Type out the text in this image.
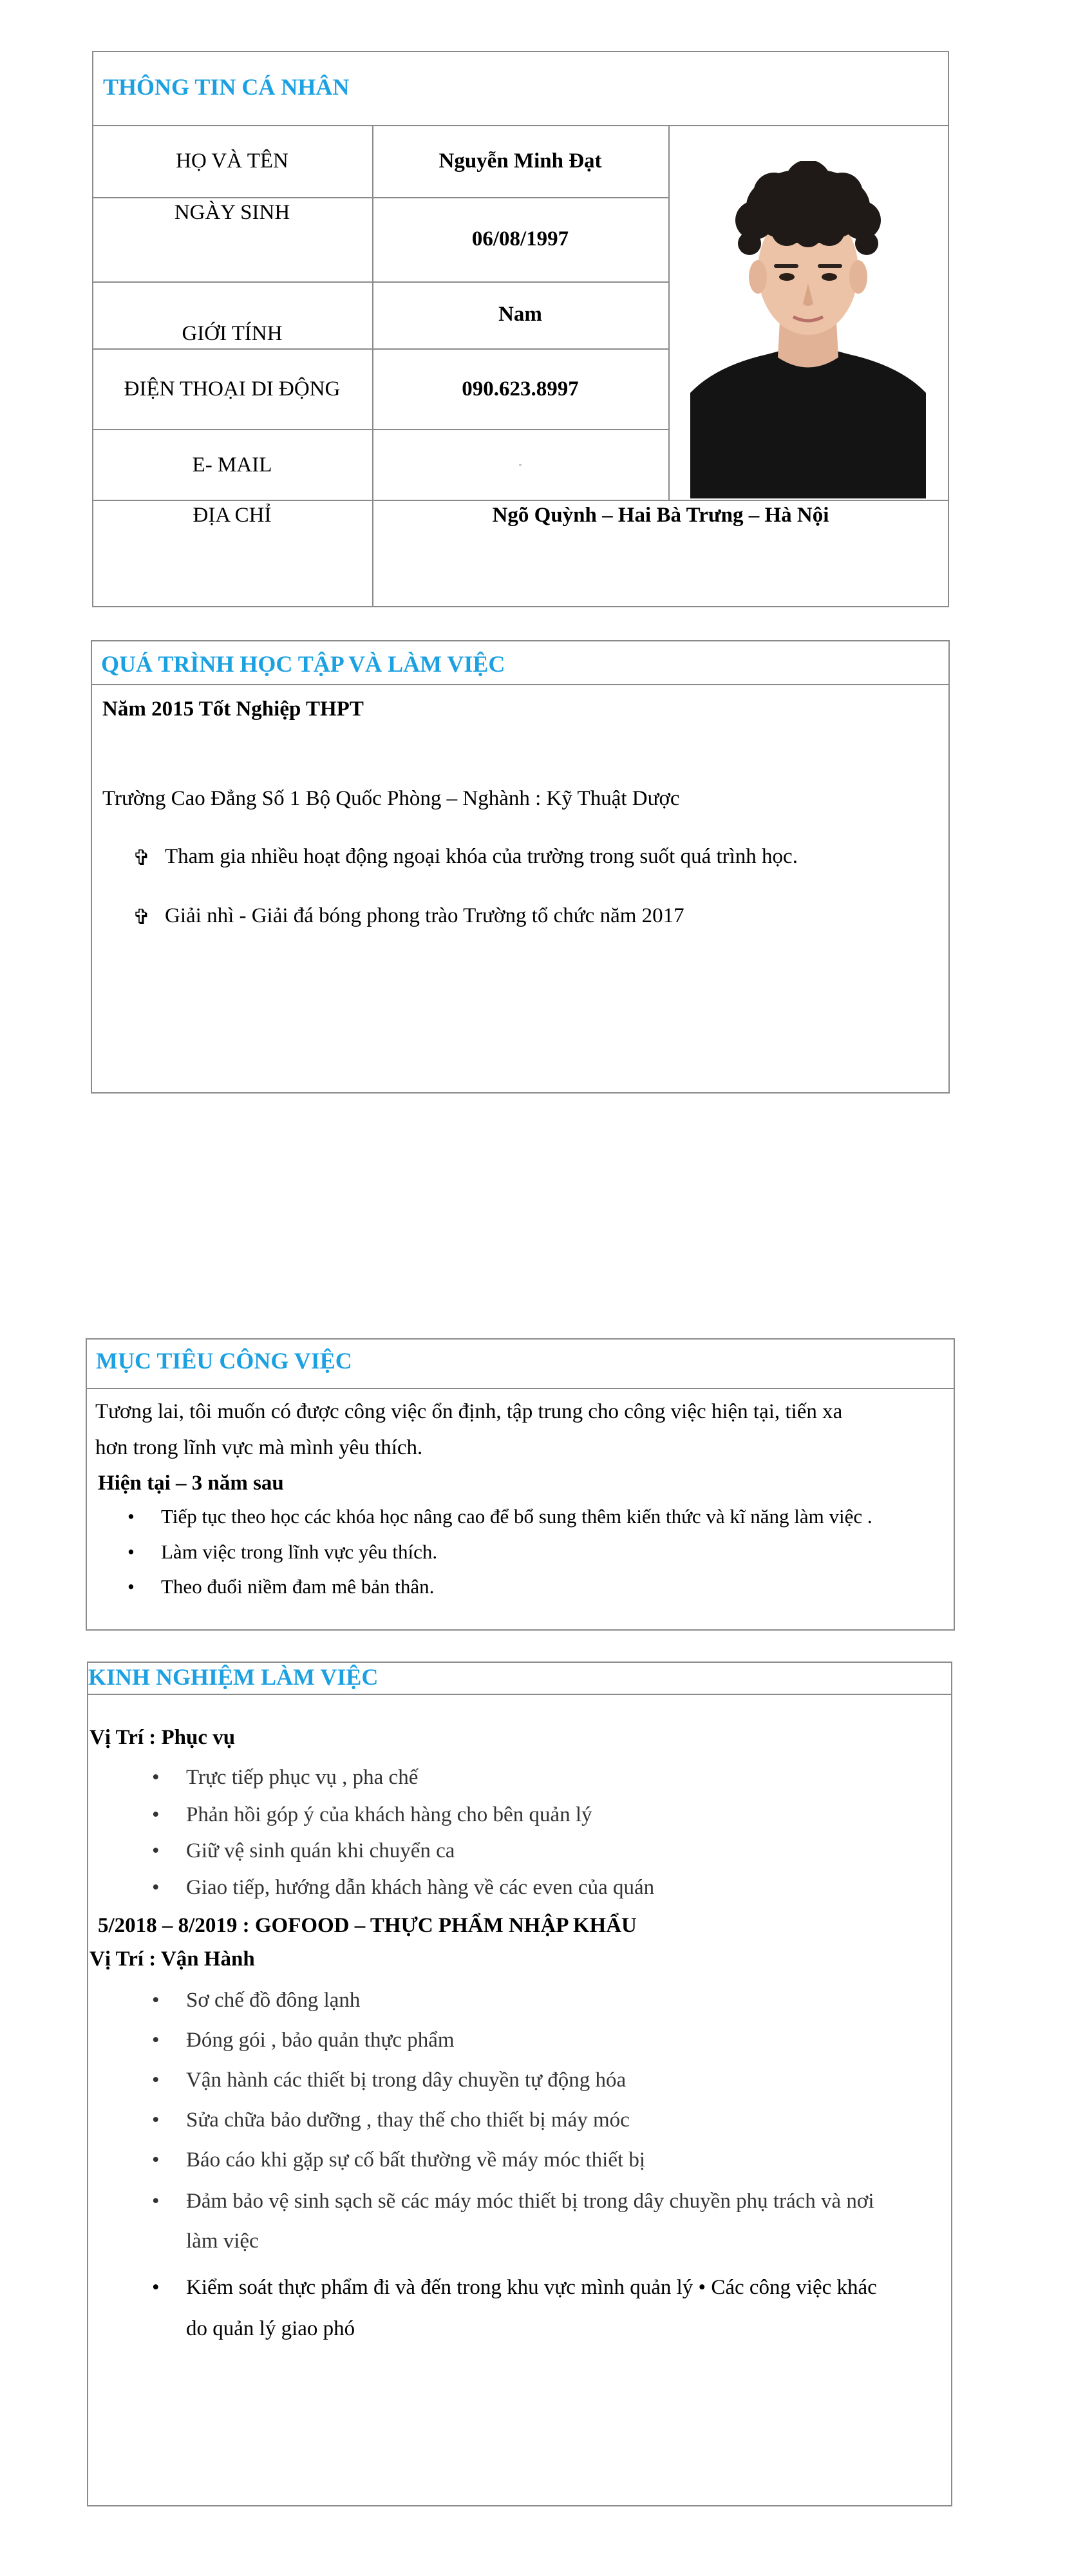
THÔNG TIN CÁ NHÂN
HỌ VÀ TÊN
NGÀY SINH
GIỚI TÍNH
ĐIỆN THOẠI DI ĐỘNG
E- MAIL
ĐỊA CHỈ
Nguyễn Minh Đạt
06/08/1997
Nam
090.623.8997
-
Ngõ Quỳnh – Hai Bà Trưng – Hà Nội
QUÁ TRÌNH HỌC TẬP VÀ LÀM VIỆC
Năm 2015 Tốt Nghiệp THPT
Trường Cao Đẳng Số 1 Bộ Quốc Phòng – Nghành : Kỹ Thuật Dược
✞ Tham gia nhiều hoạt động ngoại khóa của trường trong suốt quá trình học.
✞ Giải nhì - Giải đá bóng phong trào Trường tổ chức năm 2017
MỤC TIÊU CÔNG VIỆC
Tương lai, tôi muốn có được công việc ổn định, tập trung cho công việc hiện tại, tiến xa
hơn trong lĩnh vực mà mình yêu thích.
Hiện tại – 3 năm sau
• Tiếp tục theo học các khóa học nâng cao để bổ sung thêm kiến thức và kĩ năng làm việc .
• Làm việc trong lĩnh vực yêu thích.
• Theo đuổi niềm đam mê bản thân.
KINH NGHIỆM LÀM VIỆC
Vị Trí : Phục vụ
• Trực tiếp phục vụ , pha chế
• Phản hồi góp ý của khách hàng cho bên quản lý
• Giữ vệ sinh quán khi chuyển ca
• Giao tiếp, hướng dẫn khách hàng về các even của quán
5/2018 – 8/2019 : GOFOOD – THỰC PHẨM NHẬP KHẨU
Vị Trí : Vận Hành
• Sơ chế đồ đông lạnh
• Đóng gói , bảo quản thực phẩm
• Vận hành các thiết bị trong dây chuyền tự động hóa
• Sửa chữa bảo dưỡng , thay thế cho thiết bị máy móc
• Báo cáo khi gặp sự cố bất thường về máy móc thiết bị
• Đảm bảo vệ sinh sạch sẽ các máy móc thiết bị trong dây chuyền phụ trách và nơi
làm việc
• Kiểm soát thực phẩm đi và đến trong khu vực mình quản lý • Các công việc khác
do quản lý giao phó
